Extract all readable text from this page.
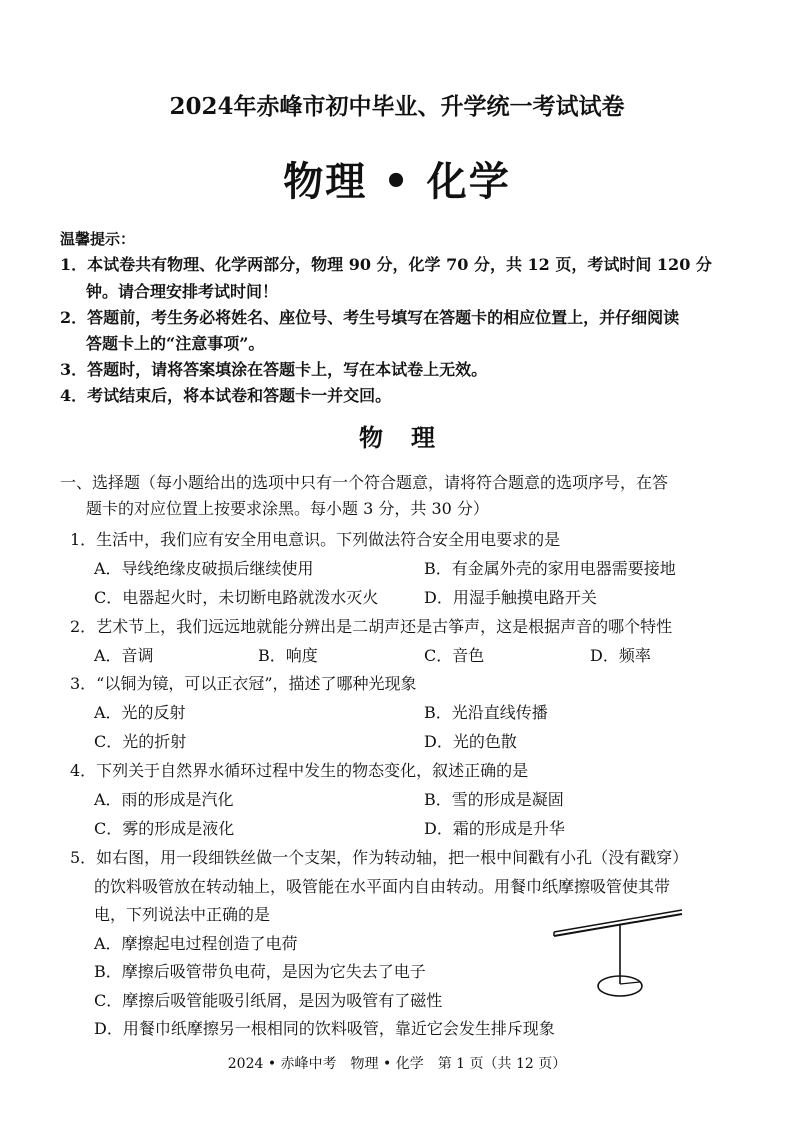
2024年赤峰市初中毕业、升学统一考试试卷
物理 • 化学
温馨提示：
1．本试卷共有物理、化学两部分，物理 90 分，化学 70 分，共 12 页，考试时间 120 分
钟。请合理安排考试时间！
2．答题前，考生务必将姓名、座位号、考生号填写在答题卡的相应位置上，并仔细阅读
答题卡上的“注意事项”。
3．答题时，请将答案填涂在答题卡上，写在本试卷上无效。
4．考试结束后，将本试卷和答题卡一并交回。
物理
一、选择题（每小题给出的选项中只有一个符合题意，请将符合题意的选项序号，在答
题卡的对应位置上按要求涂黑。每小题 3 分，共 30 分）
1．生活中，我们应有安全用电意识。下列做法符合安全用电要求的是
A．导线绝缘皮破损后继续使用	B．有金属外壳的家用电器需要接地
C．电器起火时，未切断电路就泼水灭火	D．用湿手触摸电路开关
2．艺术节上，我们远远地就能分辨出是二胡声还是古筝声，这是根据声音的哪个特性
A．音调	B．响度	C．音色	D．频率
3．“以铜为镜，可以正衣冠”，描述了哪种光现象
A．光的反射	B．光沿直线传播
C．光的折射	D．光的色散
4．下列关于自然界水循环过程中发生的物态变化，叙述正确的是
A．雨的形成是汽化	B．雪的形成是凝固
C．雾的形成是液化	D．霜的形成是升华
5．如右图，用一段细铁丝做一个支架，作为转动轴，把一根中间戳有小孔（没有戳穿）
的饮料吸管放在转动轴上，吸管能在水平面内自由转动。用餐巾纸摩擦吸管使其带
电，下列说法中正确的是
A．摩擦起电过程创造了电荷
B．摩擦后吸管带负电荷，是因为它失去了电子
C．摩擦后吸管能吸引纸屑，是因为吸管有了磁性
D．用餐巾纸摩擦另一根相同的饮料吸管，靠近它会发生排斥现象
2024 • 赤峰中考　物理 • 化学　第 1 页（共 12 页）
